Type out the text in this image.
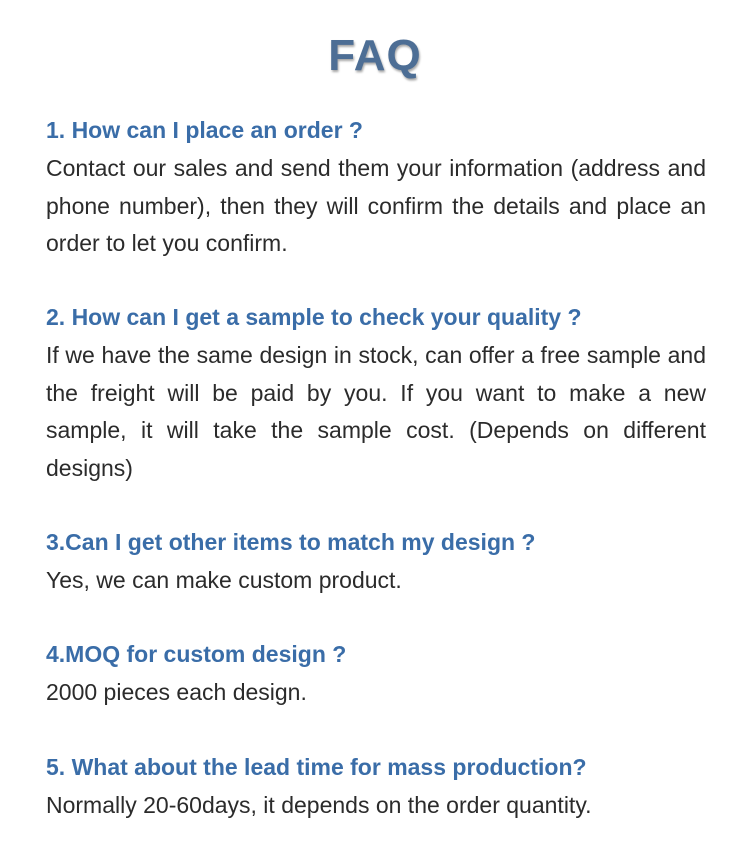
FAQ
1. How can I place an order ?
Contact our sales and send them your information (address and phone number), then they will confirm the details and place an order to let you confirm.
2. How can I get a sample to check your quality ?
If we have the same design in stock, can offer a free sample and the freight will be paid by you. If you want to make a new sample, it will take the sample cost. (Depends on different designs)
3.Can I get other items to match my design ?
Yes, we can make custom product.
4.MOQ for custom design ?
2000 pieces each design.
5. What about the lead time for mass production?
Normally 20-60days, it depends on the order quantity.
